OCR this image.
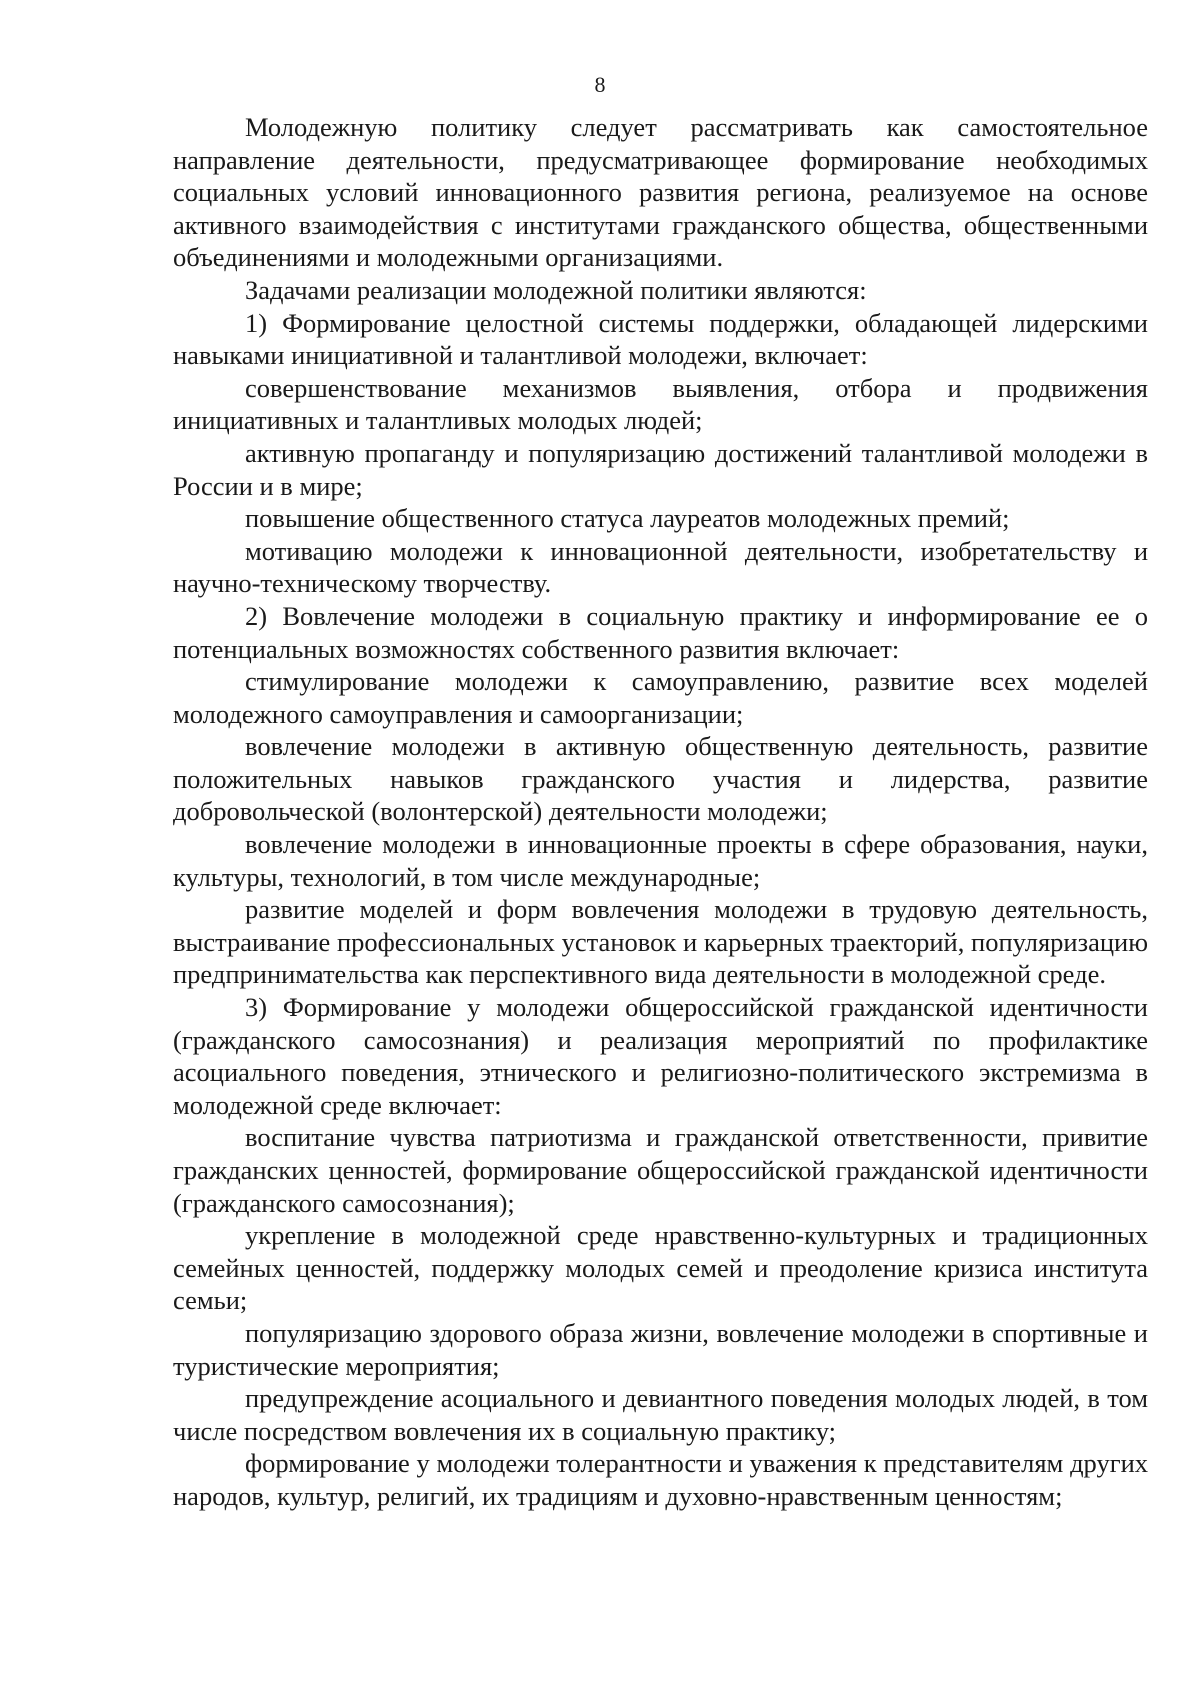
8

Молодежную политику следует рассматривать как самостоятельное направление деятельности, предусматривающее формирование необходимых социальных условий инновационного развития региона, реализуемое на основе активного взаимодействия с институтами гражданского общества, общественными объединениями и молодежными организациями.

Задачами реализации молодежной политики являются:

1) Формирование целостной системы поддержки, обладающей лидерскими навыками инициативной и талантливой молодежи, включает:

совершенствование механизмов выявления, отбора и продвижения инициативных и талантливых молодых людей;

активную пропаганду и популяризацию достижений талантливой молодежи в России и в мире;

повышение общественного статуса лауреатов молодежных премий;

мотивацию молодежи к инновационной деятельности, изобретательству и научно-техническому творчеству.

2) Вовлечение молодежи в социальную практику и информирование ее о потенциальных возможностях собственного развития включает:

стимулирование молодежи к самоуправлению, развитие всех моделей молодежного самоуправления и самоорганизации;

вовлечение молодежи в активную общественную деятельность, развитие положительных навыков гражданского участия и лидерства, развитие добровольческой (волонтерской) деятельности молодежи;

вовлечение молодежи в инновационные проекты в сфере образования, науки, культуры, технологий, в том числе международные;

развитие моделей и форм вовлечения молодежи в трудовую деятельность, выстраивание профессиональных установок и карьерных траекторий, популяризацию предпринимательства как перспективного вида деятельности в молодежной среде.

3) Формирование у молодежи общероссийской гражданской идентичности (гражданского самосознания) и реализация мероприятий по профилактике асоциального поведения, этнического и религиозно-политического экстремизма в молодежной среде включает:

воспитание чувства патриотизма и гражданской ответственности, привитие гражданских ценностей, формирование общероссийской гражданской идентичности (гражданского самосознания);

укрепление в молодежной среде нравственно-культурных и традиционных семейных ценностей, поддержку молодых семей и преодоление кризиса института семьи;

популяризацию здорового образа жизни, вовлечение молодежи в спортивные и туристические мероприятия;

предупреждение асоциального и девиантного поведения молодых людей, в том числе посредством вовлечения их в социальную практику;

формирование у молодежи толерантности и уважения к представителям других народов, культур, религий, их традициям и духовно-нравственным ценностям;
